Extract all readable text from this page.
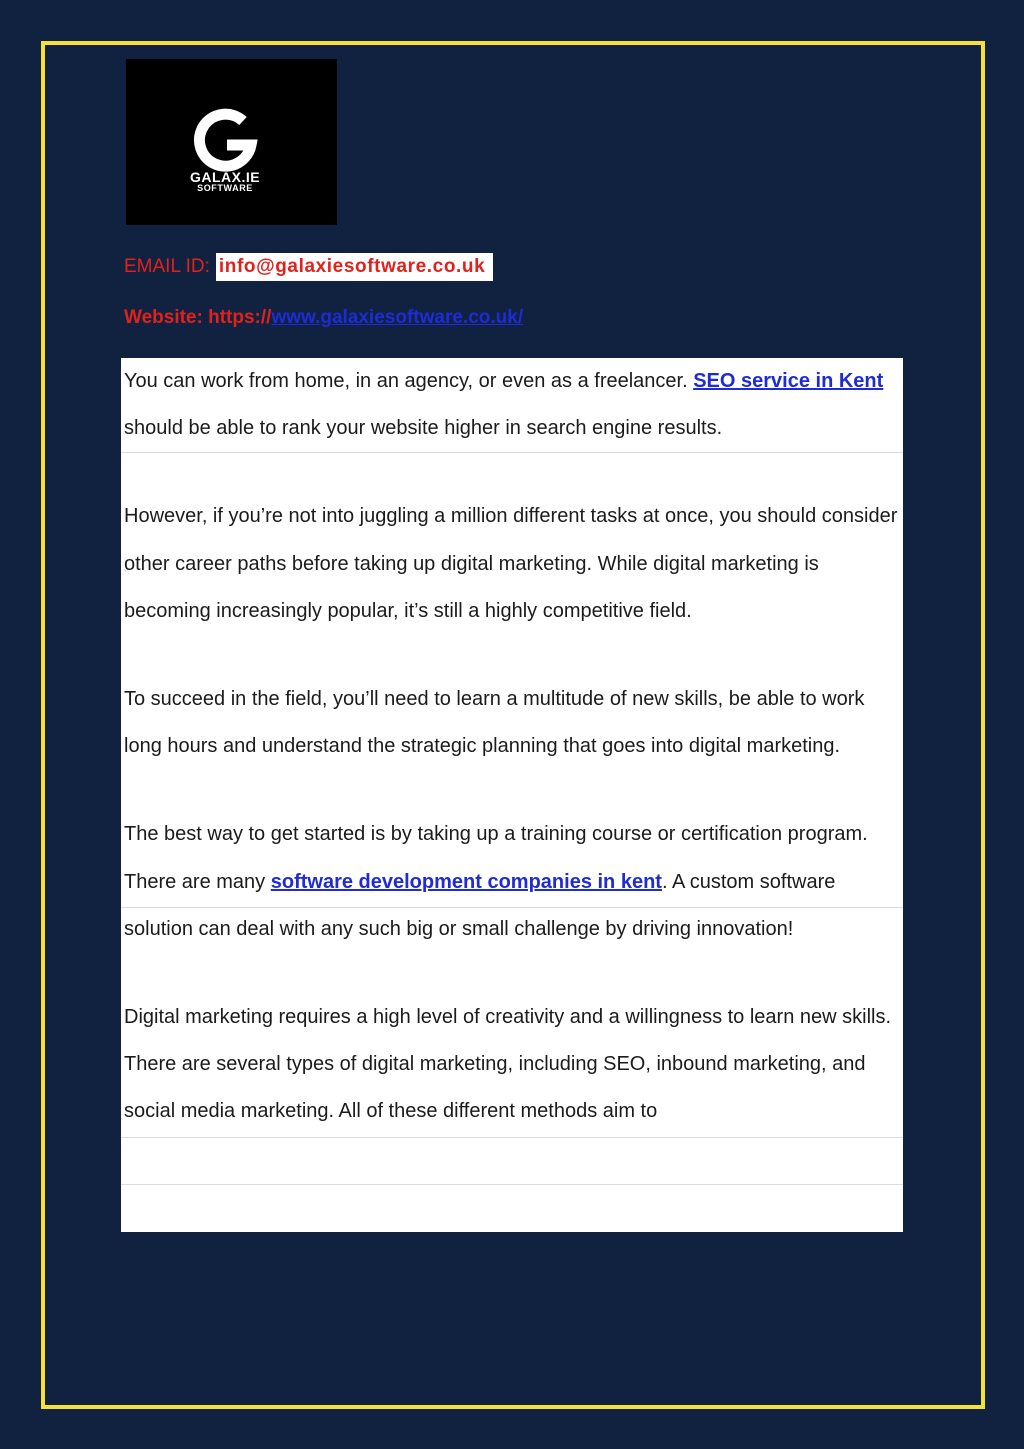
GALAX.IE
SOFTWARE
EMAIL ID: info@galaxiesoftware.co.uk
Website: https://www.galaxiesoftware.co.uk/

You can work from home, in an agency, or even as a freelancer. SEO service in Kent should be able to rank your website higher in search engine results.

However, if you’re not into juggling a million different tasks at once, you should consider other career paths before taking up digital marketing. While digital marketing is becoming increasingly popular, it’s still a highly competitive field.

To succeed in the field, you’ll need to learn a multitude of new skills, be able to work long hours and understand the strategic planning that goes into digital marketing.

The best way to get started is by taking up a training course or certification program. There are many software development companies in kent. A custom software solution can deal with any such big or small challenge by driving innovation!

Digital marketing requires a high level of creativity and a willingness to learn new skills. There are several types of digital marketing, including SEO, inbound marketing, and social media marketing. All of these different methods aim to
